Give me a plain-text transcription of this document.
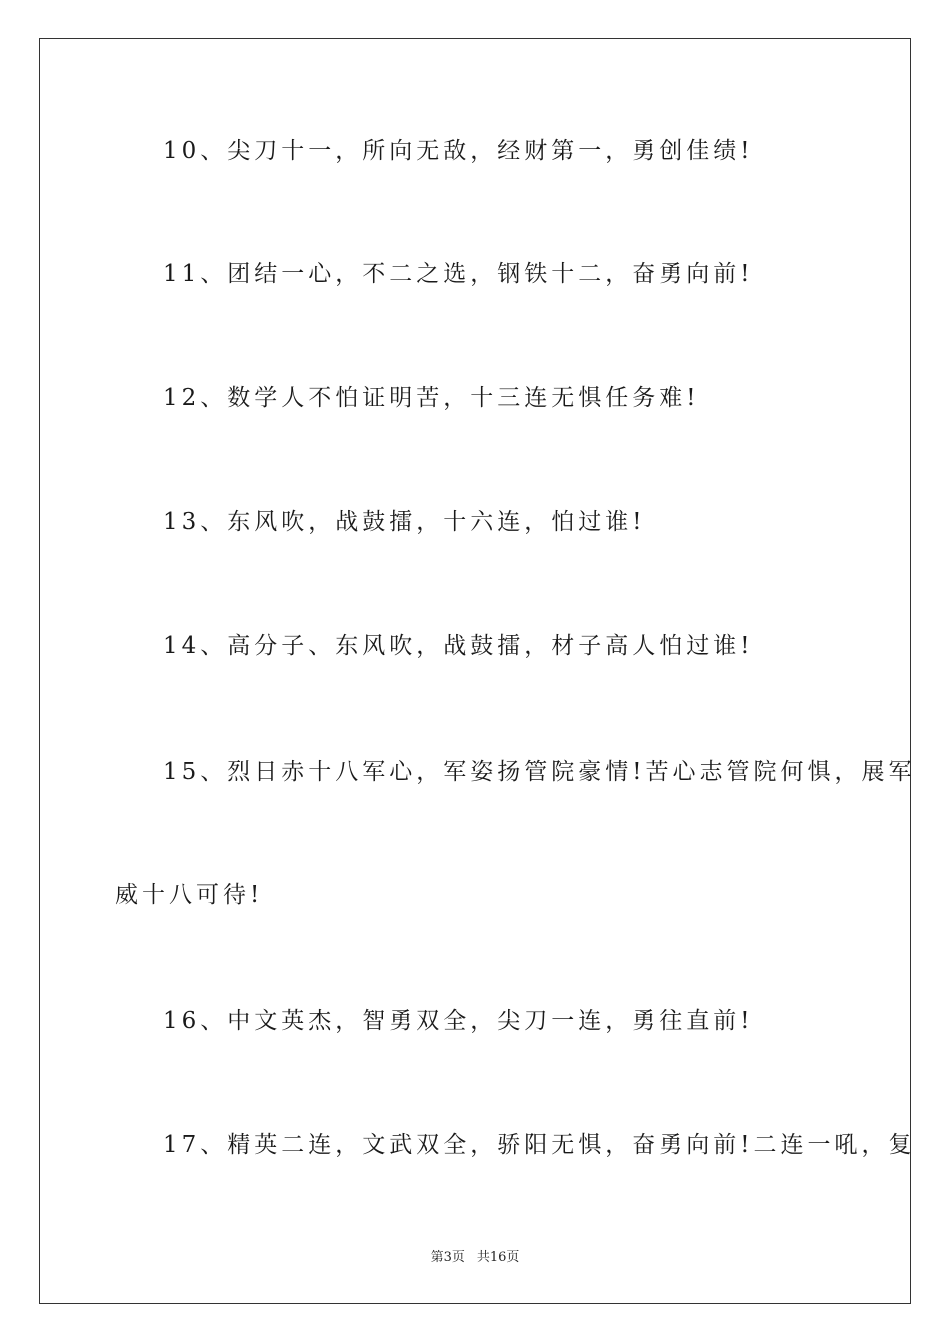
10、尖刀十一，所向无敌，经财第一，勇创佳绩!
11、团结一心，不二之选，钢铁十二，奋勇向前!
12、数学人不怕证明苦，十三连无惧任务难!
13、东风吹，战鼓擂，十六连，怕过谁!
14、高分子、东风吹，战鼓擂，材子高人怕过谁!
15、烈日赤十八军心，军姿扬管院豪情!苦心志管院何惧，展军
威十八可待!
16、中文英杰，智勇双全，尖刀一连，勇往直前!
17、精英二连，文武双全，骄阳无惧，奋勇向前!二连一吼，复
第3页 共16页
